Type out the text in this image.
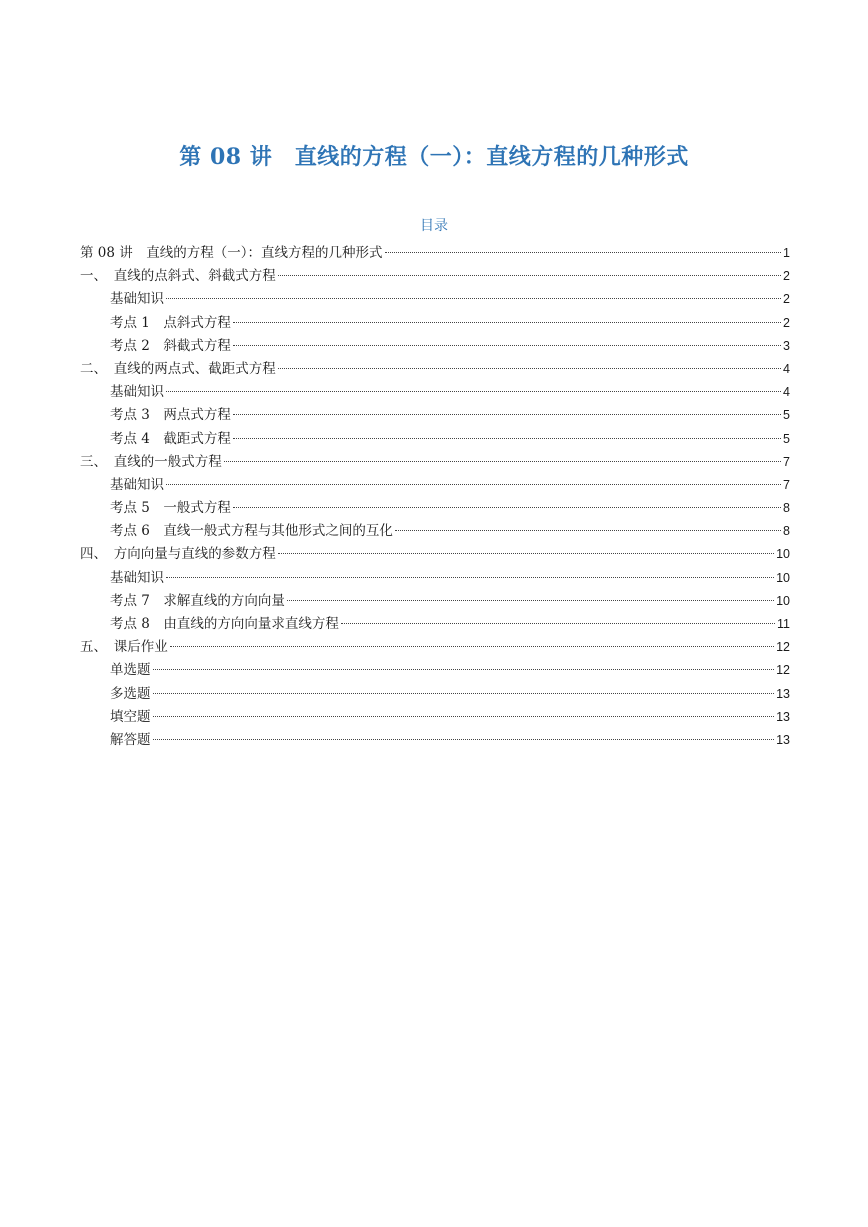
第 08 讲　直线的方程（一）：直线方程的几种形式
目录
第 08 讲　直线的方程（一）：直线方程的几种形式	1
一、　直线的点斜式、斜截式方程	2
基础知识	2
考点 1　点斜式方程	2
考点 2　斜截式方程	3
二、　直线的两点式、截距式方程	4
基础知识	4
考点 3　两点式方程	5
考点 4　截距式方程	5
三、　直线的一般式方程	7
基础知识	7
考点 5　一般式方程	8
考点 6　直线一般式方程与其他形式之间的互化	8
四、　方向向量与直线的参数方程	10
基础知识	10
考点 7　求解直线的方向向量	10
考点 8　由直线的方向向量求直线方程	11
五、　课后作业	12
单选题	12
多选题	13
填空题	13
解答题	13
